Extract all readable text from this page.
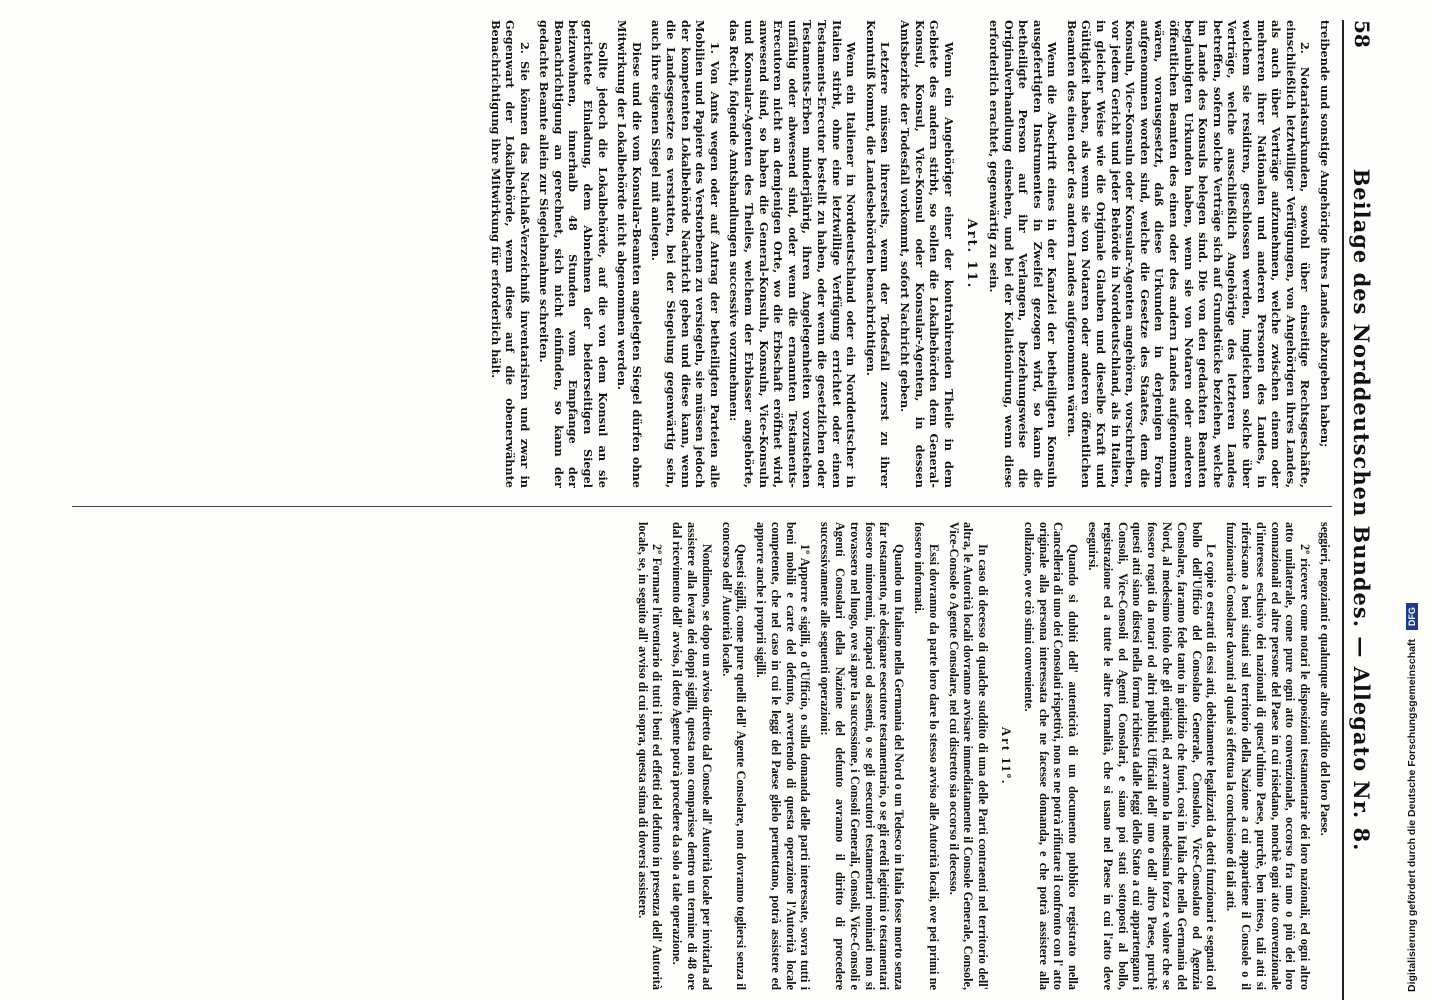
58
Beilage des Norddeutschen Bundes. — Allegato Nr. 8.

treibende und sonstige Angehörige ihres Landes abzugeben haben;

2. Notariatsurkunden, sowohl über einseitige Rechtsgeschäfte, einschließlich letztwilliger Verfügungen, von Angehörigen ihres Landes, als auch über Verträge aufzunehmen, welche zwischen einem oder mehreren ihrer Nationalen und anderen Personen des Landes, in welchem sie residiren, geschlossen werden, imgleichen solche über Verträge, welche ausschließlich Angehörige des letzteren Landes betreffen, sofern solche Verträge sich auf Grundstücke beziehen, welche im Lande des Konsuls belegen sind. Die von den gedachten Beamten beglaubigten Urkunden haben, wenn sie von Notaren oder anderen öffentlichen Beamten des einen oder des andern Landes aufgenommen wären, vorausgesetzt, daß diese Urkunden in derjenigen Form aufgenommen worden sind, welche die Gesetze des Staates, dem die Konsuln, Vice-Konsuln oder Konsular-Agenten angehören, vorschreiben, vor jedem Gericht und jeder Behörde in Norddeutschland, als in Italien, in gleicher Weise wie die Originale Glauben und dieselbe Kraft und Gültigkeit haben, als wenn sie von Notaren oder anderen öffentlichen Beamten des einen oder des andern Landes aufgenommen wären.

Wenn die Abschrift eines in der Kanzlei der betheiligten Konsuln ausgefertigten Instrumentes in Zweifel gezogen wird, so kann die betheiligte Person auf ihr Verlangen, beziehungsweise die Originalverhandlung einsehen, und bei der Kollationirung, wenn diese erforderlich erachtet, gegenwärtig zu sein.

Art. 11.

Wenn ein Angehöriger einer der kontrahirenden Theile in dem Gebiete des andern stirbt, so sollen die Lokalbehörden dem General-Konsul, Konsul, Vice-Konsul oder Konsular-Agenten, in dessen Amtsbezirke der Todesfall vorkommt, sofort Nachricht geben.

Letztere müssen ihrerseits, wenn der Todesfall zuerst zu ihrer Kenntniß kommt, die Landesbehörden benachrichtigen.

Wenn ein Italiener in Norddeutschland oder ein Norddeutscher in Italien stirbt, ohne eine letztwillige Verfügung errichtet oder einen Testaments-Erecutor bestellt zu haben, oder wenn die gesetzlichen oder Testaments-Erben minderjährig, ihren Angelegenheiten vorzustehen unfähig oder abwesend sind, oder wenn die ernannten Testaments-Erecutoren nicht an demjenigen Orte, wo die Erbschaft eröffnet wird, anwesend sind, so haben die General-Konsuln, Konsuln, Vice-Konsuln und Konsular-Agenten des Theiles, welchem der Erblasser angehörte, das Recht, folgende Amtshandlungen successive vorzunehmen:

1. Von Amts wegen oder auf Antrag der betheiligten Parteien alle Mobilien und Papiere des Verstorbenen zu versiegeln, sie müssen jedoch der kompetenten Lokalbehörde Nachricht geben und diese kann, wenn die Landesgesetze es verstatten, bei der Siegelung gegenwärtig sein, auch ihre eigenen Siegel mit anlegen.

Diese und die vom Konsular-Beamten angelegten Siegel dürfen ohne Mitwirkung der Lokalbehörde nicht abgenommen werden.

Sollte jedoch die Lokalbehörde, auf die von dem Konsul an sie gerichtete Einladung, dem Abnehmen der beiderseitigen Siegel beizuwohnen, innerhalb 48 Stunden vom Empfange der Benachrichtigung an gerechnet, sich nicht einfinden, so kann der gedachte Beamte allein zur Siegelabnahme schreiten.

2. Sie können das Nachlaß-Verzeichniß inventarisiren und zwar in Gegenwart der Lokalbehörde, wenn diese auf die obenerwähnte Benachrichtigung ihre Mitwirkung für erforderlich hält.

seggieri, negozianti e qualunque altro suddito del loro Paese.

2º ricevere come notari le disposizioni testamentarie dei loro nazionali, ed ogni altro atto unilaterale, come pure ogni atto convenzionale, occorso fra uno o più dei loro connazionali ed altre persone del Paese in cui risiedano, nonchè ogni atto convenzionale d'interesse esclusivo dei nazionali di quest'ultimo Paese, purchè, ben inteso, tali atti si riferiscano a beni situati sul territorio della Nazione a cui appartiene il Console o il funzionario Consolare davanti al quale si effettua la conclusione di tali atti.

Le copie o estratti di essi atti, debitamente legalizzati da detti funzionari e segnati col bollo dell'Ufficio del Consolato Generale, Consolato, Vice-Consolato od Agenzia Consolare, faranno fede tanto in giudizio che fuori, così in Italia che nella Germania del Nord, al medesimo titolo che gli originali, ed avranno la medesima forza e valore che se fossero rogati da notari od altri pubblici Ufficiali dell' uno o dell' altro Paese, purchè questi atti siano distesi nella forma richiesta dalle leggi dello Stato a cui appartengano i Consoli, Vice-Consoli od Agenti Consolari, e siano poi stati sottoposti al bollo, registrazione ed a tutte le altre formalità, che si usano nel Paese in cui l'atto deve eseguirsi.

Quando si dubiti dell' autenticità di un documento pubblico registrato nella Cancelleria di uno dei Consolati rispettivi, non se ne potrà rifiutare il confronto con l' atto originale alla persona interessata che ne facesse domanda, e che potrà assistere alla collazione, ove ciò stimi conveniente.

Art 11º.

In caso di decesso di qualche suddito di una delle Parti contraenti nel territorio dell' altra, le Autorità locali dovranno avvisare immediatamente il Console Generale, Console, Vice-Console o Agente Consolare, nel cui distretto sia occorso il decesso.

Essi dovranno da parte loro dare lo stesso avviso alle Autorità locali, ove pei primi ne fossero informati.

Quando un Italiano nella Germania del Nord o un Tedesco in Italia fosse morto senza far testamento, nè designare esecutore testamentario, o se gli eredi legittimi o testamentari fossero minorenni, incapaci od assenti, o se gli esecutori testamentari nominati non si trovassero nel luogo, ove si apre la successione, i Consoli Generali, Consoli, Vice-Consoli e Agenti Consolari della Nazione del defunto avranno il diritto di procedere successivamente alle seguenti operazioni:

1º Apporre e sigilli, o d'Ufficio, o sulla domanda delle parti interessate, sovra tutti i beni mobili e carte del defunto, avvertendo di questa operazione l'Autorità locale competente, che nel caso in cui le leggi del Paese glielo permettano, potrà assistere ed apporre anche i proprii sigilli.

Questi sigilli, come pure quelli dell' Agente Consolare, non dovranno togliersi senza il concorso dell' Autorità locale.

Nondimeno, se dopo un avviso diretto dal Console all' Autorità locale per invitarla ad assistere alla levata dei doppi sigilli, questa non comparisse dentro un termine di 48 ore dal ricevimento dell' avviso, il detto Agente potrà procedere da solo a tale operazione.

2º Formare l'inventario di tutti i beni ed effetti del defunto in presenza dell' Autorità locale, se, in seguito all' avviso di cui sopra, questa stima di doversi assistere.	Digitalisierung gefördert durch die Deutsche Forschungsgemeinschaft DFG
